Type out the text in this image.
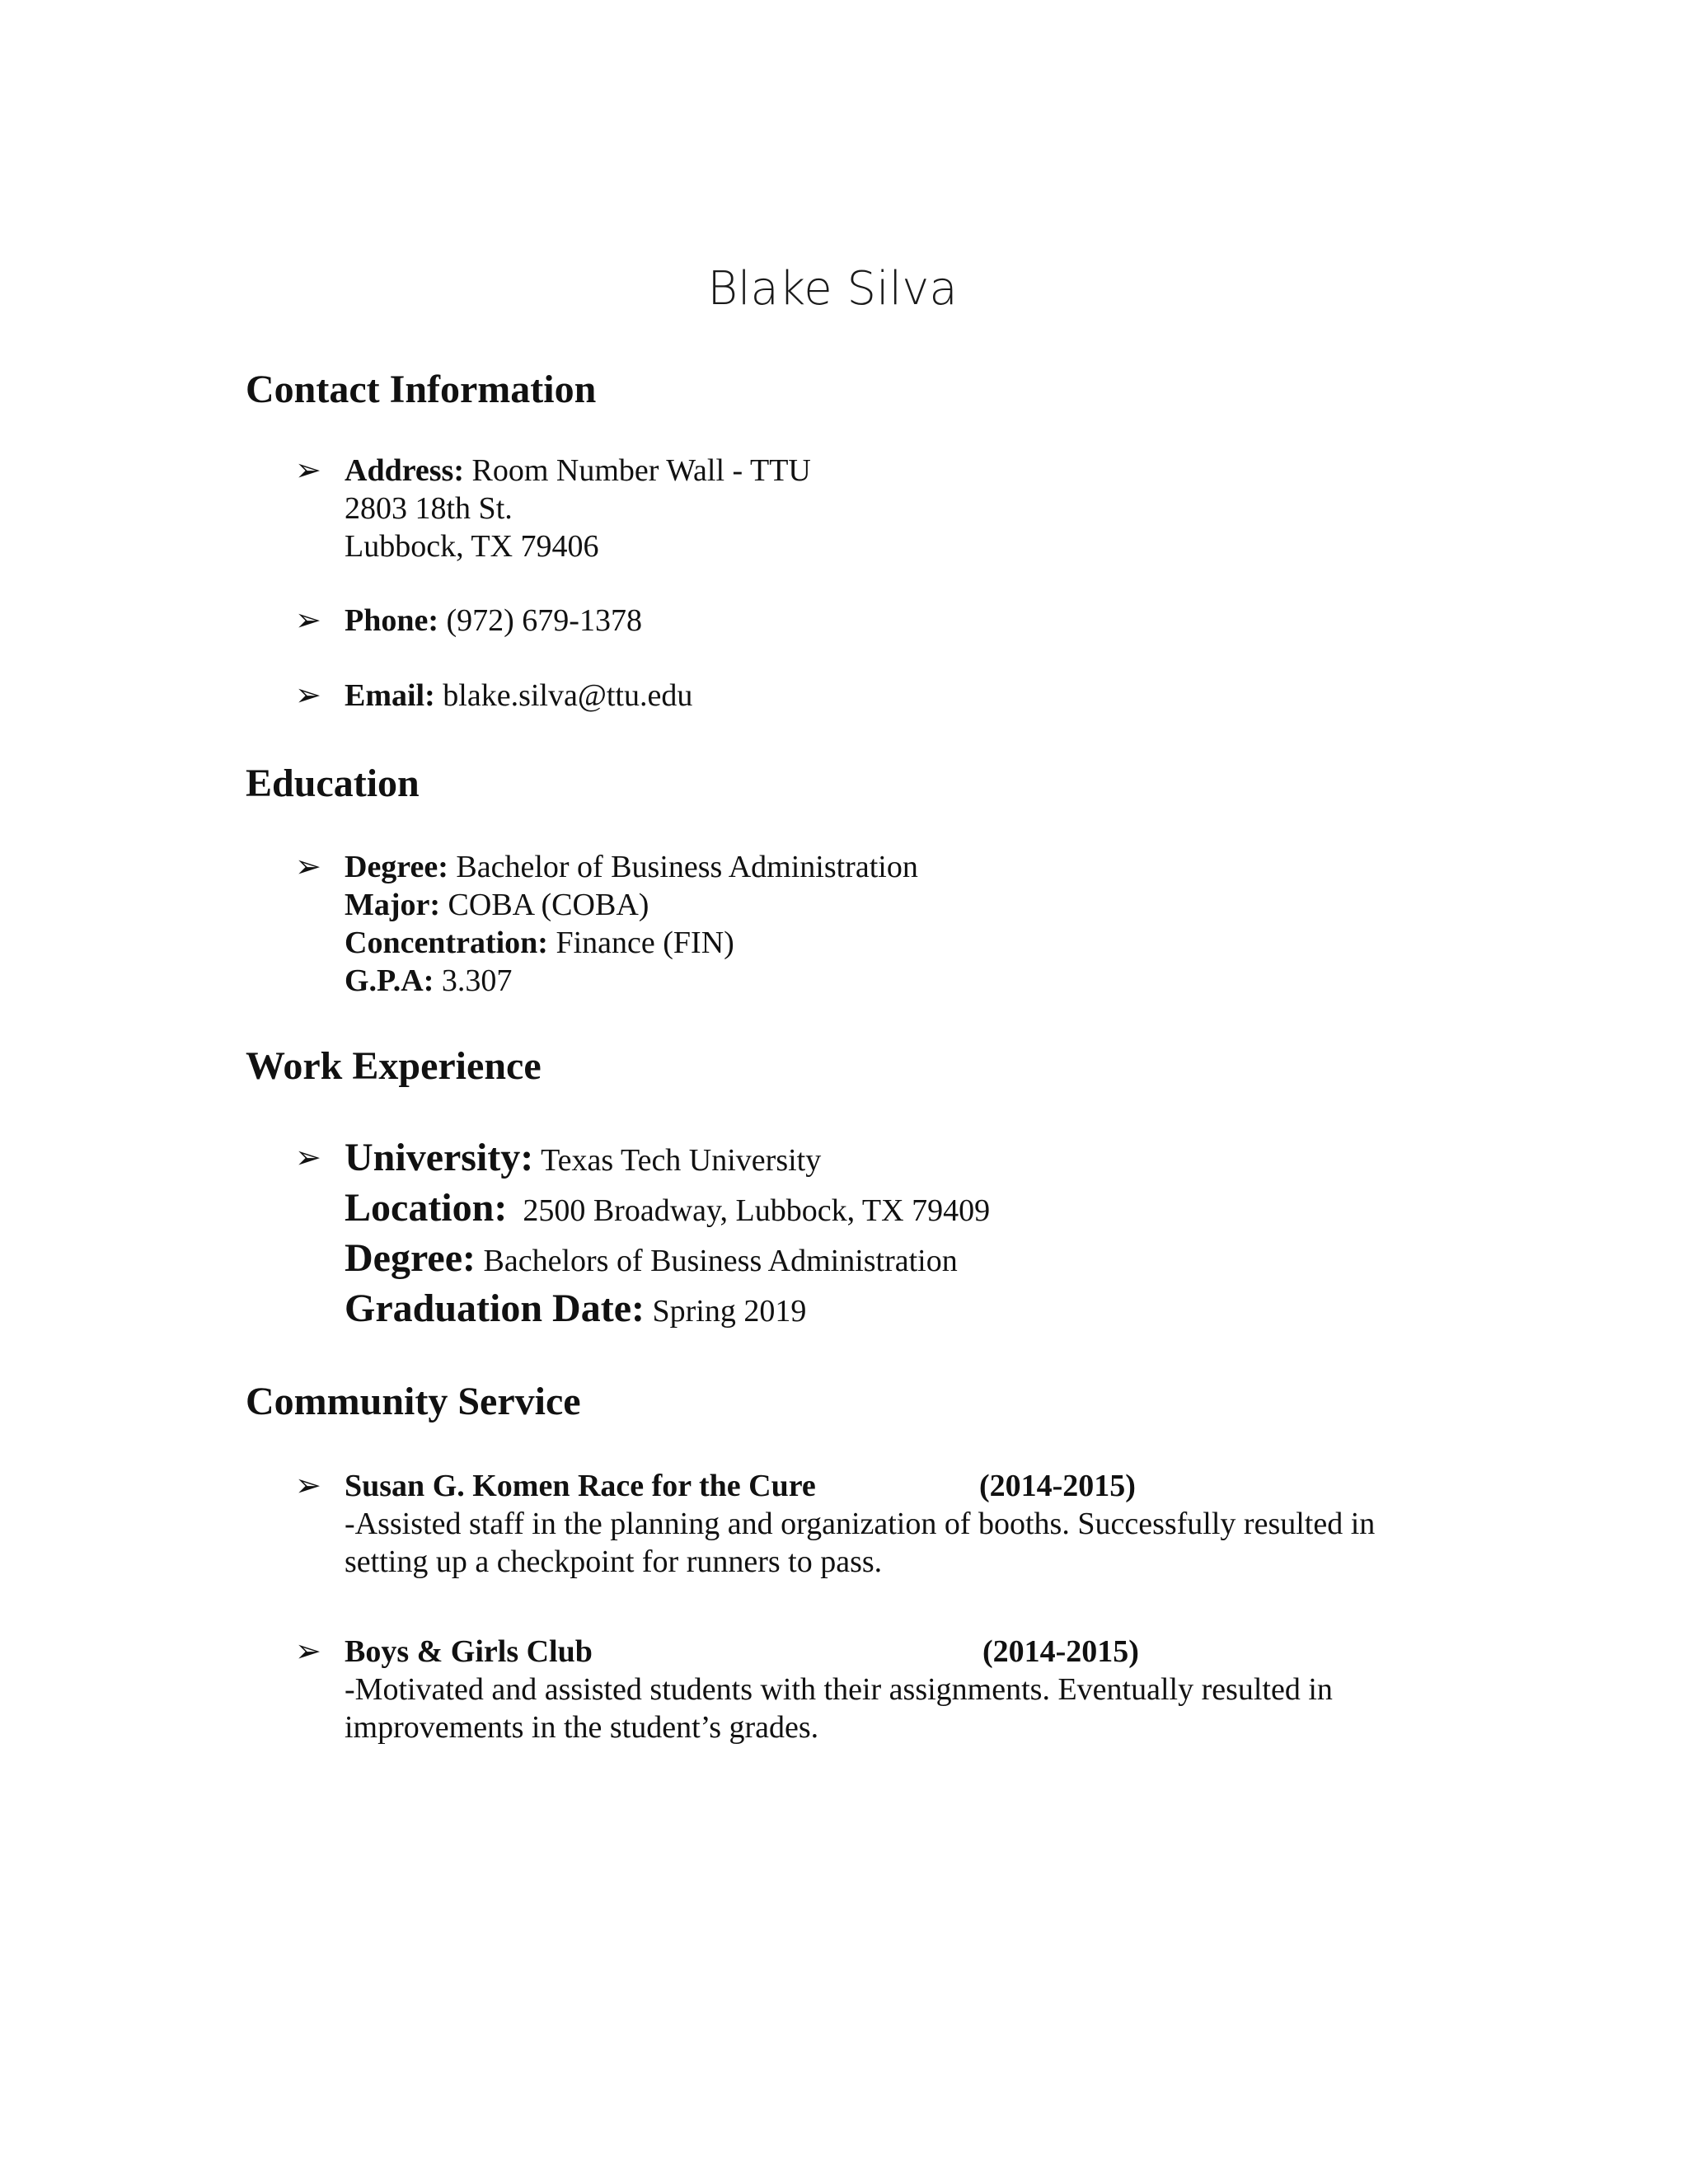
Blake Silva
Contact Information
➢ Address: Room Number Wall - TTU
2803 18th St.
Lubbock, TX 79406
➢ Phone: (972) 679-1378
➢ Email: blake.silva@ttu.edu
Education
➢ Degree: Bachelor of Business Administration
Major: COBA (COBA)
Concentration: Finance (FIN)
G.P.A: 3.307
Work Experience
➢ University: Texas Tech University
Location: 2500 Broadway, Lubbock, TX 79409
Degree: Bachelors of Business Administration
Graduation Date: Spring 2019
Community Service
➢ Susan G. Komen Race for the Cure	(2014-2015)
-Assisted staff in the planning and organization of booths. Successfully resulted in
setting up a checkpoint for runners to pass.
➢ Boys & Girls Club	(2014-2015)
-Motivated and assisted students with their assignments. Eventually resulted in
improvements in the student’s grades.
